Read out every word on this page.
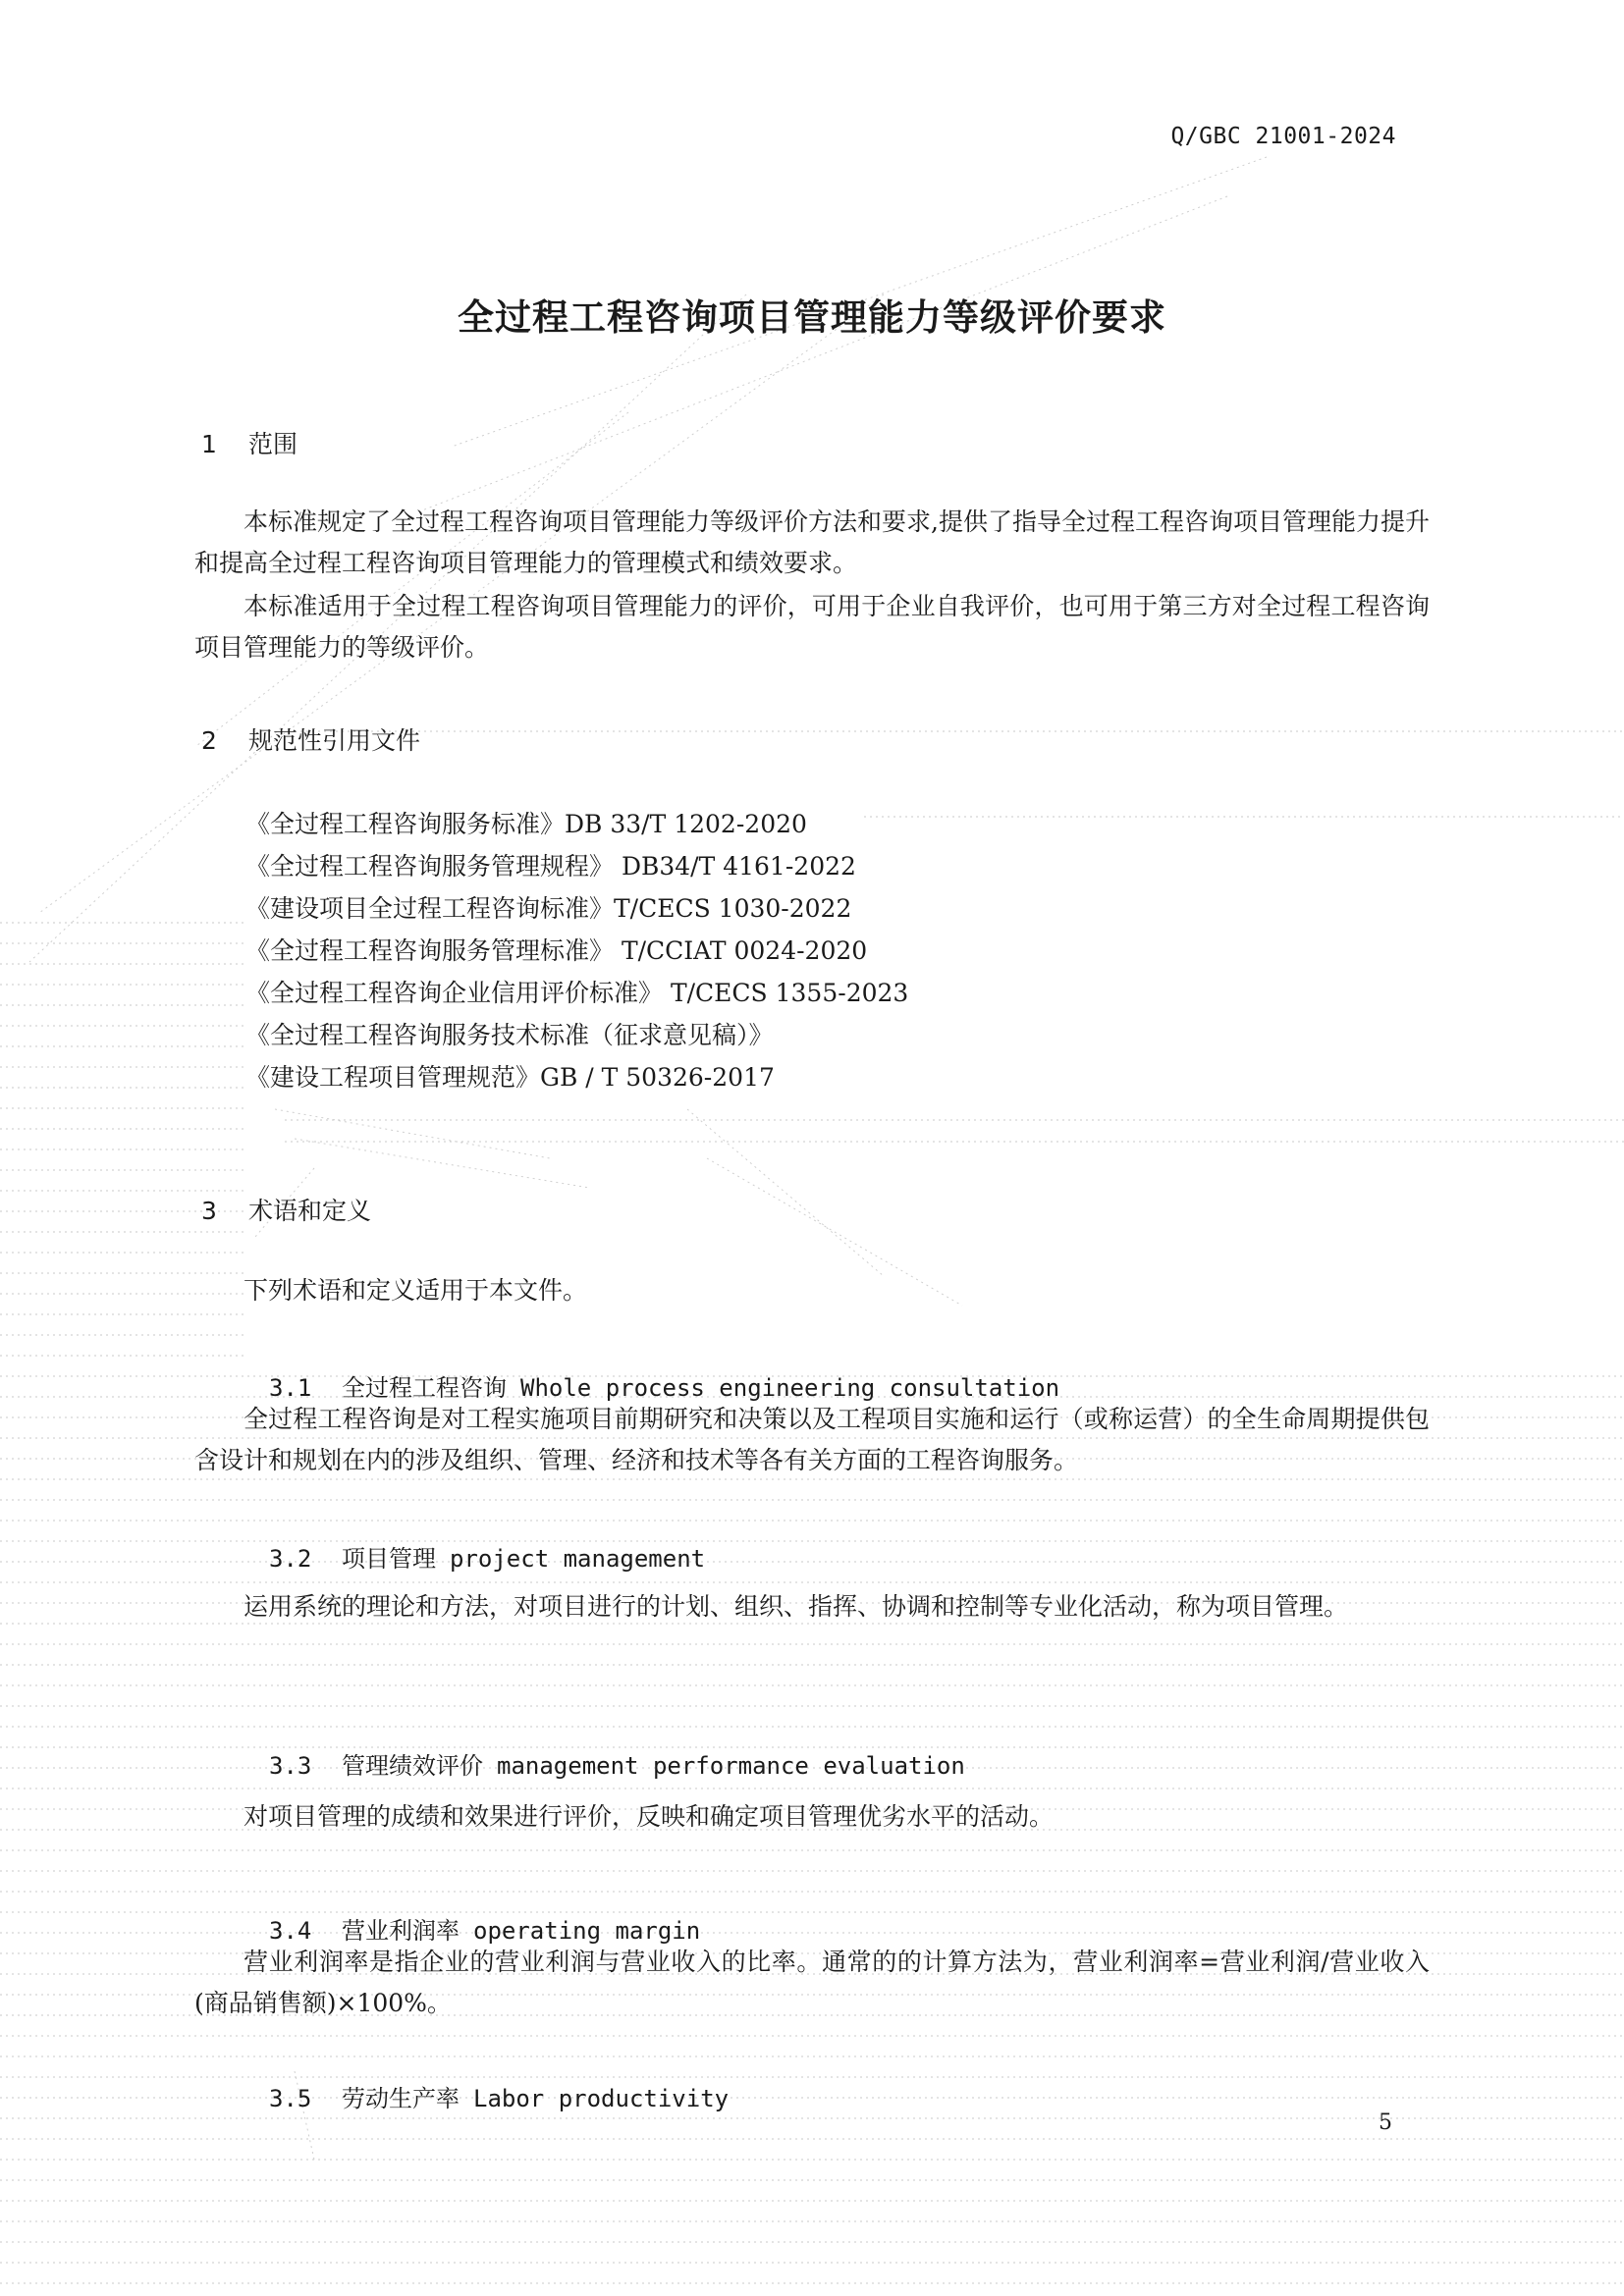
Q/GBC 21001-2024
全过程工程咨询项目管理能力等级评价要求
1 范围

本标准规定了全过程工程咨询项目管理能力等级评价方法和要求,提供了指导全过程工程咨询项目管理能力提升和提高全过程工程咨询项目管理能力的管理模式和绩效要求。

本标准适用于全过程工程咨询项目管理能力的评价，可用于企业自我评价，也可用于第三方对全过程工程咨询项目管理能力的等级评价。

2 规范性引用文件
《全过程工程咨询服务标准》DB 33/T 1202-2020
《全过程工程咨询服务管理规程》 DB34/T 4161-2022
《建设项目全过程工程咨询标准》T/CECS 1030-2022
《全过程工程咨询服务管理标准》 T/CCIAT 0024-2020
《全过程工程咨询企业信用评价标准》 T/CECS 1355-2023
《全过程工程咨询服务技术标准（征求意见稿）》
《建设工程项目管理规范》GB / T 50326-2017
3 术语和定义

下列术语和定义适用于本文件。

3.1 全过程工程咨询 Whole process engineering consultation

全过程工程咨询是对工程实施项目前期研究和决策以及工程项目实施和运行（或称运营）的全生命周期提供包含设计和规划在内的涉及组织、管理、经济和技术等各有关方面的工程咨询服务。

3.2 项目管理 project management

运用系统的理论和方法，对项目进行的计划、组织、指挥、协调和控制等专业化活动，称为项目管理。

3.3 管理绩效评价 management performance evaluation

对项目管理的成绩和效果进行评价，反映和确定项目管理优劣水平的活动。

3.4 营业利润率 operating margin

营业利润率是指企业的营业利润与营业收入的比率。通常的的计算方法为，营业利润率=营业利润/营业收入(商品销售额)×100%。

3.5 劳动生产率 Labor productivity

5
